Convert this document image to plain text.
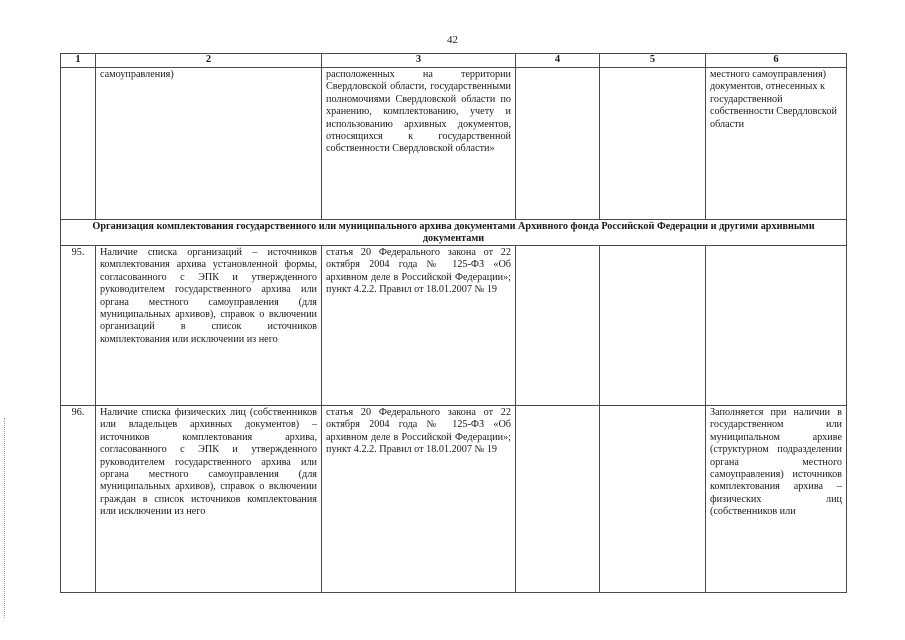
42
1	2	3	4	5	6
	самоуправления)	расположенных на территории Свердловской области, государственными полномочиями Свердловской области по хранению, комплектованию, учету и использованию архивных документов, относящихся к государственной собственности Свердловской области»			местного самоуправления) документов, отнесенных к государственной собственности Свердловской области
Организация комплектования государственного или муниципального архива документами Архивного фонда Российской Федерации и другими архивными документами					
95.	Наличие списка организаций – источников комплектования архива установленной формы, согласованного с ЭПК и утвержденного руководителем государственного архива или органа местного самоуправления (для муниципальных архивов), справок о включении организаций в список источников комплектования или исключении из него	статья 20 Федерального закона от 22 октября 2004 года № 125-ФЗ «Об архивном деле в Российской Федерации»; пункт 4.2.2. Правил от 18.01.2007 № 19			
96.	Наличие списка физических лиц (собственников или владельцев архивных документов) – источников комплектования архива, согласованного с ЭПК и утвержденного руководителем государственного архива или органа местного самоуправления (для муниципальных архивов), справок о включении граждан в список источников комплектования или исключении из него	статья 20 Федерального закона от 22 октября 2004 года № 125-ФЗ «Об архивном деле в Российской Федерации»; пункт 4.2.2. Правил от 18.01.2007 № 19			Заполняется при наличии в государственном или муниципальном архиве (структурном подразделении органа местного самоуправления) источников комплектования архива – физических лиц (собственников или
